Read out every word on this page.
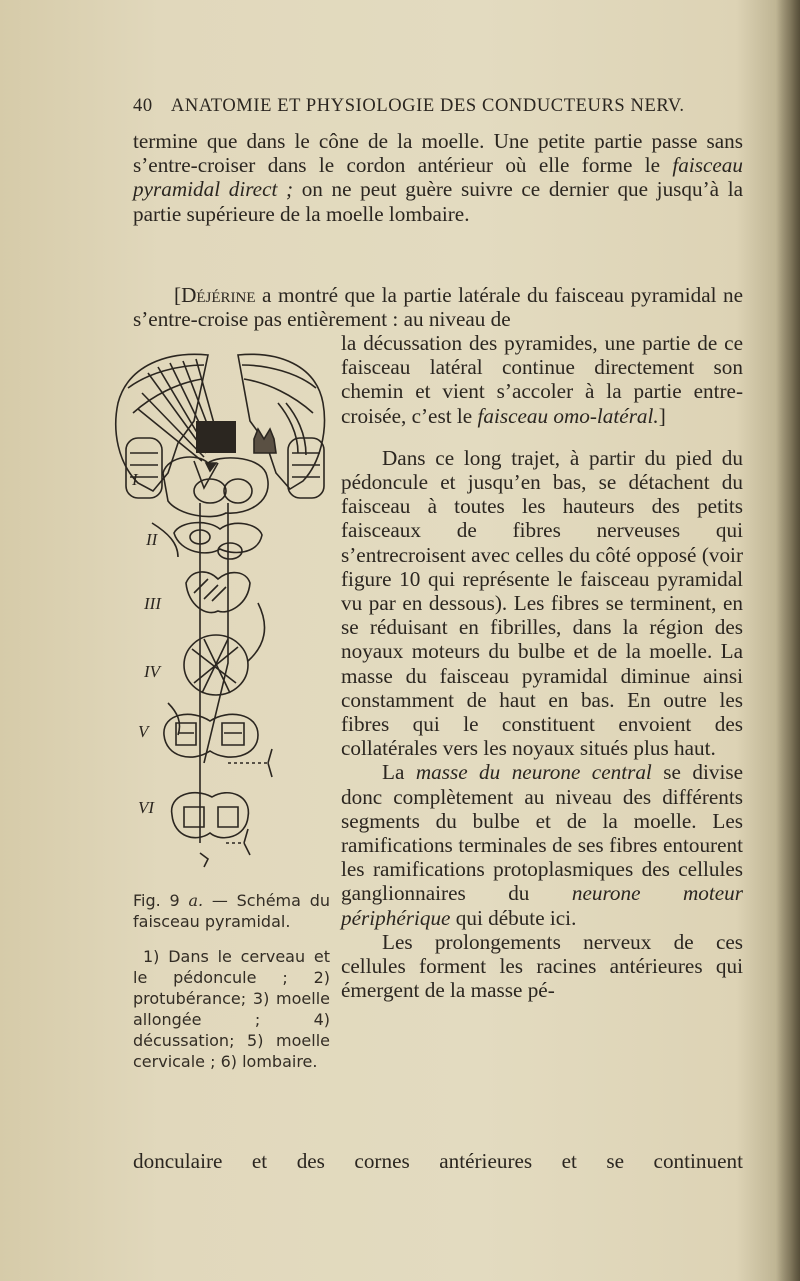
40 ANATOMIE ET PHYSIOLOGIE DES CONDUCTEURS NERV.

termine que dans le cône de la moelle. Une petite partie passe sans s’entre-croiser dans le cordon antérieur où elle forme le faisceau pyramidal direct ; on ne peut guère suivre ce dernier que jusqu’à la partie supérieure de la moelle lombaire.

[Déjérine a montré que la partie latérale du faisceau pyramidal ne s’entre-croise pas entièrement : au niveau de

I
II
III
IV
V
VI

la décussation des pyramides, une partie de ce faisceau latéral continue directement son chemin et vient s’accoler à la partie entre-croisée, c’est le faisceau omo-latéral.]

Dans ce long trajet, à partir du pied du pédoncule et jusqu’en bas, se détachent du faisceau à toutes les hauteurs des petits faisceaux de fibres nerveuses qui s’entrecroisent avec celles du côté opposé (voir figure 10 qui représente le faisceau pyramidal vu par en dessous). Les fibres se terminent, en se réduisant en fibrilles, dans la région des noyaux moteurs du bulbe et de la moelle. La masse du faisceau pyramidal diminue ainsi constamment de haut en bas. En outre les fibres qui le constituent envoient des collatérales vers les noyaux situés plus haut.

La masse du neurone central se divise donc complètement au niveau des différents segments du bulbe et de la moelle. Les ramifications terminales de ses fibres entourent les ramifications protoplasmiques des cellules ganglionnaires du neurone moteur périphérique qui débute ici.

Les prolongements nerveux de ces cellules forment les racines antérieures qui émergent de la masse pé-

Fig. 9 a. — Schéma du faisceau pyramidal.

1) Dans le cerveau et le pédoncule ; 2) protubérance; 3) moelle allongée ; 4) décussation; 5) moelle cervicale ; 6) lombaire.

donculaire et des cornes antérieures et se continuent
